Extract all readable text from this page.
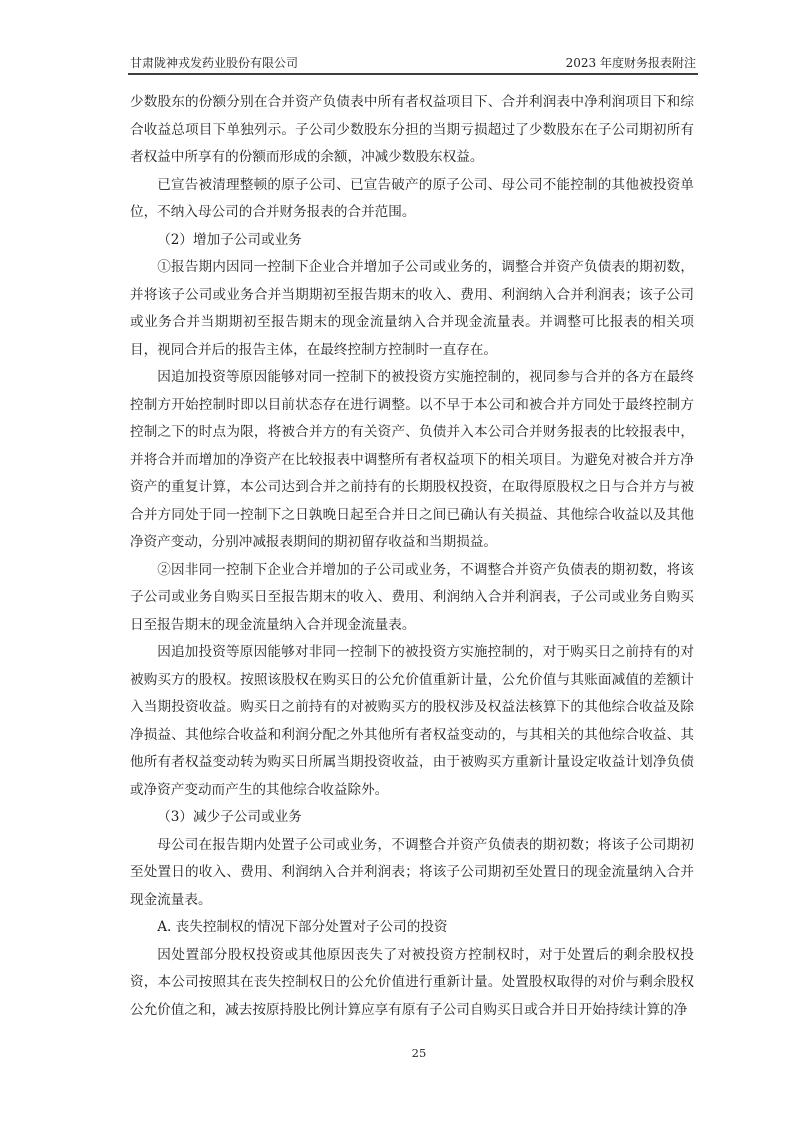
甘肃陇神戎发药业股份有限公司	2023 年度财务报表附注

少数股东的份额分别在合并资产负债表中所有者权益项目下、合并利润表中净利润项目下和综合收益总项目下单独列示。子公司少数股东分担的当期亏损超过了少数股东在子公司期初所有者权益中所享有的份额而形成的余额，冲减少数股东权益。

已宣告被清理整顿的原子公司、已宣告破产的原子公司、母公司不能控制的其他被投资单位，不纳入母公司的合并财务报表的合并范围。

（2）增加子公司或业务

①报告期内因同一控制下企业合并增加子公司或业务的，调整合并资产负债表的期初数，并将该子公司或业务合并当期期初至报告期末的收入、费用、利润纳入合并利润表；该子公司或业务合并当期期初至报告期末的现金流量纳入合并现金流量表。并调整可比报表的相关项目，视同合并后的报告主体，在最终控制方控制时一直存在。

因追加投资等原因能够对同一控制下的被投资方实施控制的，视同参与合并的各方在最终控制方开始控制时即以目前状态存在进行调整。以不早于本公司和被合并方同处于最终控制方控制之下的时点为限，将被合并方的有关资产、负债并入本公司合并财务报表的比较报表中，并将合并而增加的净资产在比较报表中调整所有者权益项下的相关项目。为避免对被合并方净资产的重复计算，本公司达到合并之前持有的长期股权投资，在取得原股权之日与合并方与被合并方同处于同一控制下之日孰晚日起至合并日之间已确认有关损益、其他综合收益以及其他净资产变动，分别冲减报表期间的期初留存收益和当期损益。

②因非同一控制下企业合并增加的子公司或业务，不调整合并资产负债表的期初数，将该子公司或业务自购买日至报告期末的收入、费用、利润纳入合并利润表，子公司或业务自购买日至报告期末的现金流量纳入合并现金流量表。

因追加投资等原因能够对非同一控制下的被投资方实施控制的，对于购买日之前持有的对被购买方的股权。按照该股权在购买日的公允价值重新计量，公允价值与其账面减值的差额计入当期投资收益。购买日之前持有的对被购买方的股权涉及权益法核算下的其他综合收益及除净损益、其他综合收益和利润分配之外其他所有者权益变动的，与其相关的其他综合收益、其他所有者权益变动转为购买日所属当期投资收益，由于被购买方重新计量设定收益计划净负债或净资产变动而产生的其他综合收益除外。

（3）减少子公司或业务

母公司在报告期内处置子公司或业务，不调整合并资产负债表的期初数；将该子公司期初至处置日的收入、费用、利润纳入合并利润表；将该子公司期初至处置日的现金流量纳入合并现金流量表。

A. 丧失控制权的情况下部分处置对子公司的投资

因处置部分股权投资或其他原因丧失了对被投资方控制权时，对于处置后的剩余股权投资，本公司按照其在丧失控制权日的公允价值进行重新计量。处置股权取得的对价与剩余股权公允价值之和，减去按原持股比例计算应享有原有子公司自购买日或合并日开始持续计算的净

25
